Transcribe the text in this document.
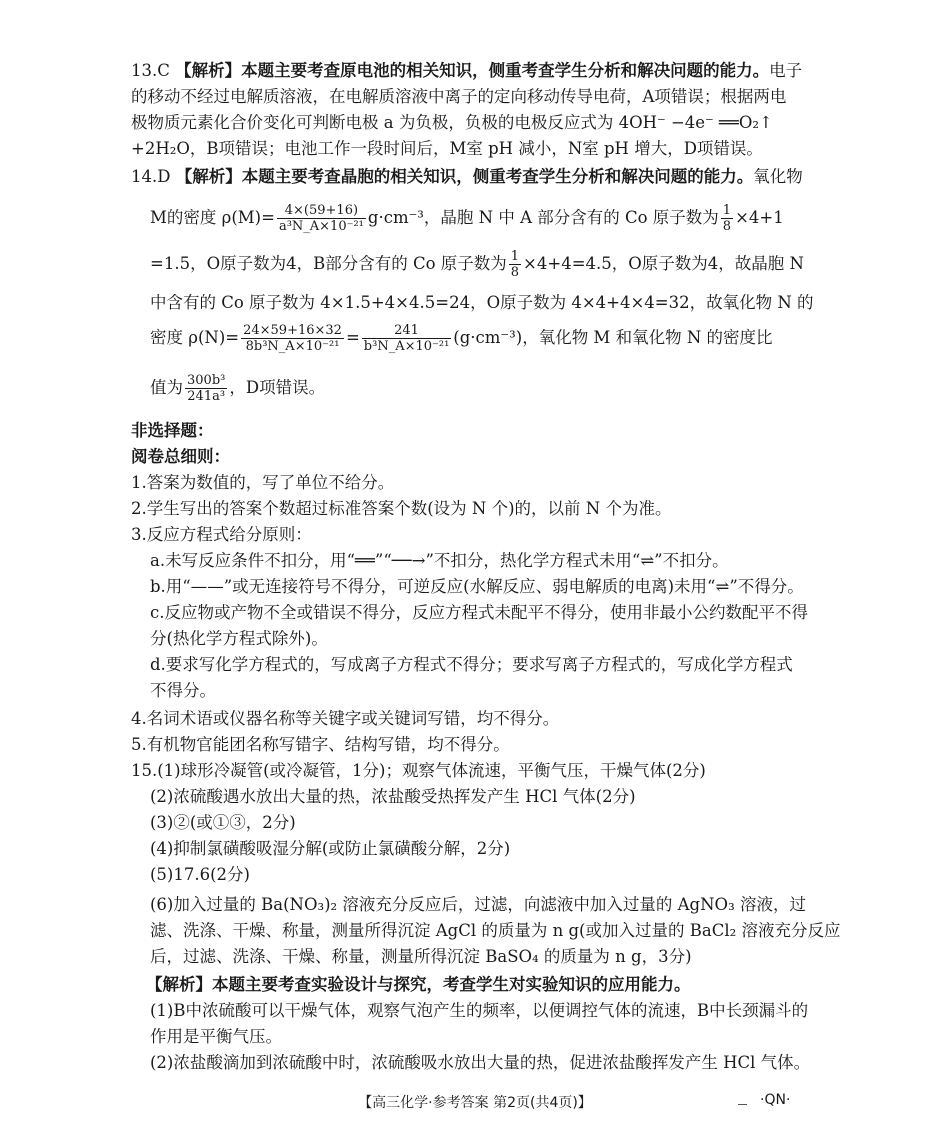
13.C 【解析】本题主要考查原电池的相关知识，侧重考查学生分析和解决问题的能力。电子
的移动不经过电解质溶液，在电解质溶液中离子的定向移动传导电荷，A项错误；根据两电
极物质元素化合价变化可判断电极 a 为负极，负极的电极反应式为 4OH⁻ −4e⁻ ══O₂↑
+2H₂O，B项错误；电池工作一段时间后，M室 pH 减小，N室 pH 增大，D项错误。
14.D 【解析】本题主要考查晶胞的相关知识，侧重考查学生分析和解决问题的能力。氧化物
M的密度 $\rho(M)= \frac{4\times(59+16)}{\text{a³N\_A×10⁻²¹}} g\cdot cm^{-3}$，晶胞 N 中 A 部分含有的 Co 原子数为 $\frac{1}{8} \times 4+1$
=1.5，O原子数为4，B部分含有的 Co 原子数为 $\frac{1}{8} \times 4+4=4.5$，O原子数为4，故晶胞 N
中含有的 Co 原子数为 4×1.5+4×4.5=24，O原子数为 4×4+4×4=32，故氧化物 N 的
密度 $\rho(N)= \frac{24\times 59+16\times 32}{\text{8b³N\_A×10⁻²¹}} = \frac{241}{\text{b³N\_A×10⁻²¹}} (g\cdot cm^{-3})$，氧化物 M 和氧化物 N 的密度比
值为 $\frac{\text{300b³}}{\text{241a³}}$ ，D项错误。
非选择题：
阅卷总细则：
1.答案为数值的，写了单位不给分。
2.学生写出的答案个数超过标准答案个数(设为 N 个)的，以前 N 个为准。
3.反应方程式给分原则：
a.未写反应条件不扣分，用“══”“──→”不扣分，热化学方程式未用“⇌”不扣分。
b.用“——”或无连接符号不得分，可逆反应(水解反应、弱电解质的电离)未用“⇌”不得分。
c.反应物或产物不全或错误不得分，反应方程式未配平不得分，使用非最小公约数配平不得
分(热化学方程式除外)。
d.要求写化学方程式的，写成离子方程式不得分；要求写离子方程式的，写成化学方程式
不得分。
4.名词术语或仪器名称等关键字或关键词写错，均不得分。
5.有机物官能团名称写错字、结构写错，均不得分。
15.(1)球形冷凝管(或冷凝管，1分)；观察气体流速，平衡气压，干燥气体(2分)
(2)浓硫酸遇水放出大量的热，浓盐酸受热挥发产生 HCl 气体(2分)
(3)②(或①③，2分)
(4)抑制氯磺酸吸湿分解(或防止氯磺酸分解，2分)
(5)17.6(2分)
(6)加入过量的 Ba(NO₃)₂ 溶液充分反应后，过滤，向滤液中加入过量的 AgNO₃ 溶液，过
滤、洗涤、干燥、称量，测量所得沉淀 AgCl 的质量为 n g(或加入过量的 BaCl₂ 溶液充分反应
后，过滤、洗涤、干燥、称量，测量所得沉淀 BaSO₄ 的质量为 n g，3分)
【解析】本题主要考查实验设计与探究，考查学生对实验知识的应用能力。
(1)B中浓硫酸可以干燥气体，观察气泡产生的频率，以便调控气体的流速，B中长颈漏斗的
作用是平衡气压。
(2)浓盐酸滴加到浓硫酸中时，浓硫酸吸水放出大量的热，促进浓盐酸挥发产生 HCl 气体。
【高三化学·参考答案 第2页(共4页)】	·QN·
